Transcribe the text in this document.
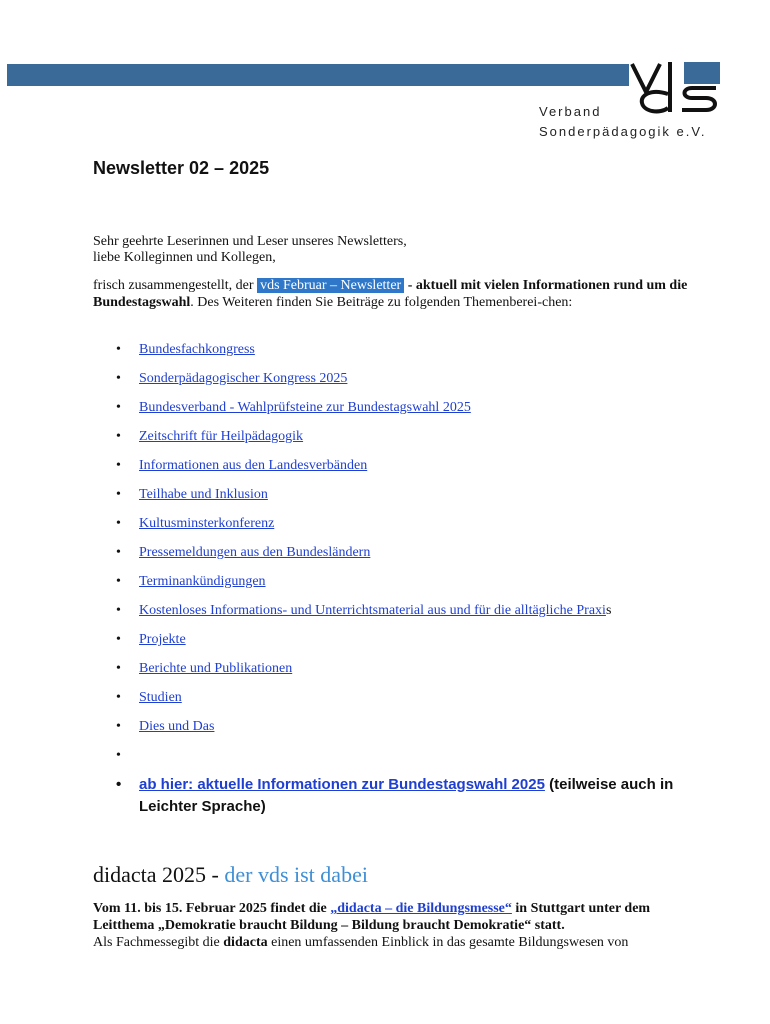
Verband
Sonderpädagogik e.V.
Newsletter 02 – 2025
Sehr geehrte Leserinnen und Leser unseres Newsletters,
liebe Kolleginnen und Kollegen,
frisch zusammengestellt, der vds Februar – Newsletter - aktuell mit vielen Informationen rund um die Bundestagswahl. Des Weiteren finden Sie Beiträge zu folgenden Themenberei-chen:
• Bundesfachkongress
• Sonderpädagogischer Kongress 2025
• Bundesverband - Wahlprüfsteine zur Bundestagswahl 2025
• Zeitschrift für Heilpädagogik
• Informationen aus den Landesverbänden
• Teilhabe und Inklusion
• Kultusminsterkonferenz
• Pressemeldungen aus den Bundesländern
• Terminankündigungen
• Kostenloses Informations- und Unterrichtsmaterial aus und für die alltägliche Praxis
• Projekte
• Berichte und Publikationen
• Studien
• Dies und Das
•
•	ab hier: aktuelle Informationen zur Bundestagswahl 2025 (teilweise auch in Leichter Sprache)
didacta 2025 - der vds ist dabei
Vom 11. bis 15. Februar 2025 findet die „didacta – die Bildungsmesse“ in Stuttgart unter dem Leitthema „Demokratie braucht Bildung – Bildung braucht Demokratie“ statt.
Als Fachmessegibt die didacta einen umfassenden Einblick in das gesamte Bildungswesen von
